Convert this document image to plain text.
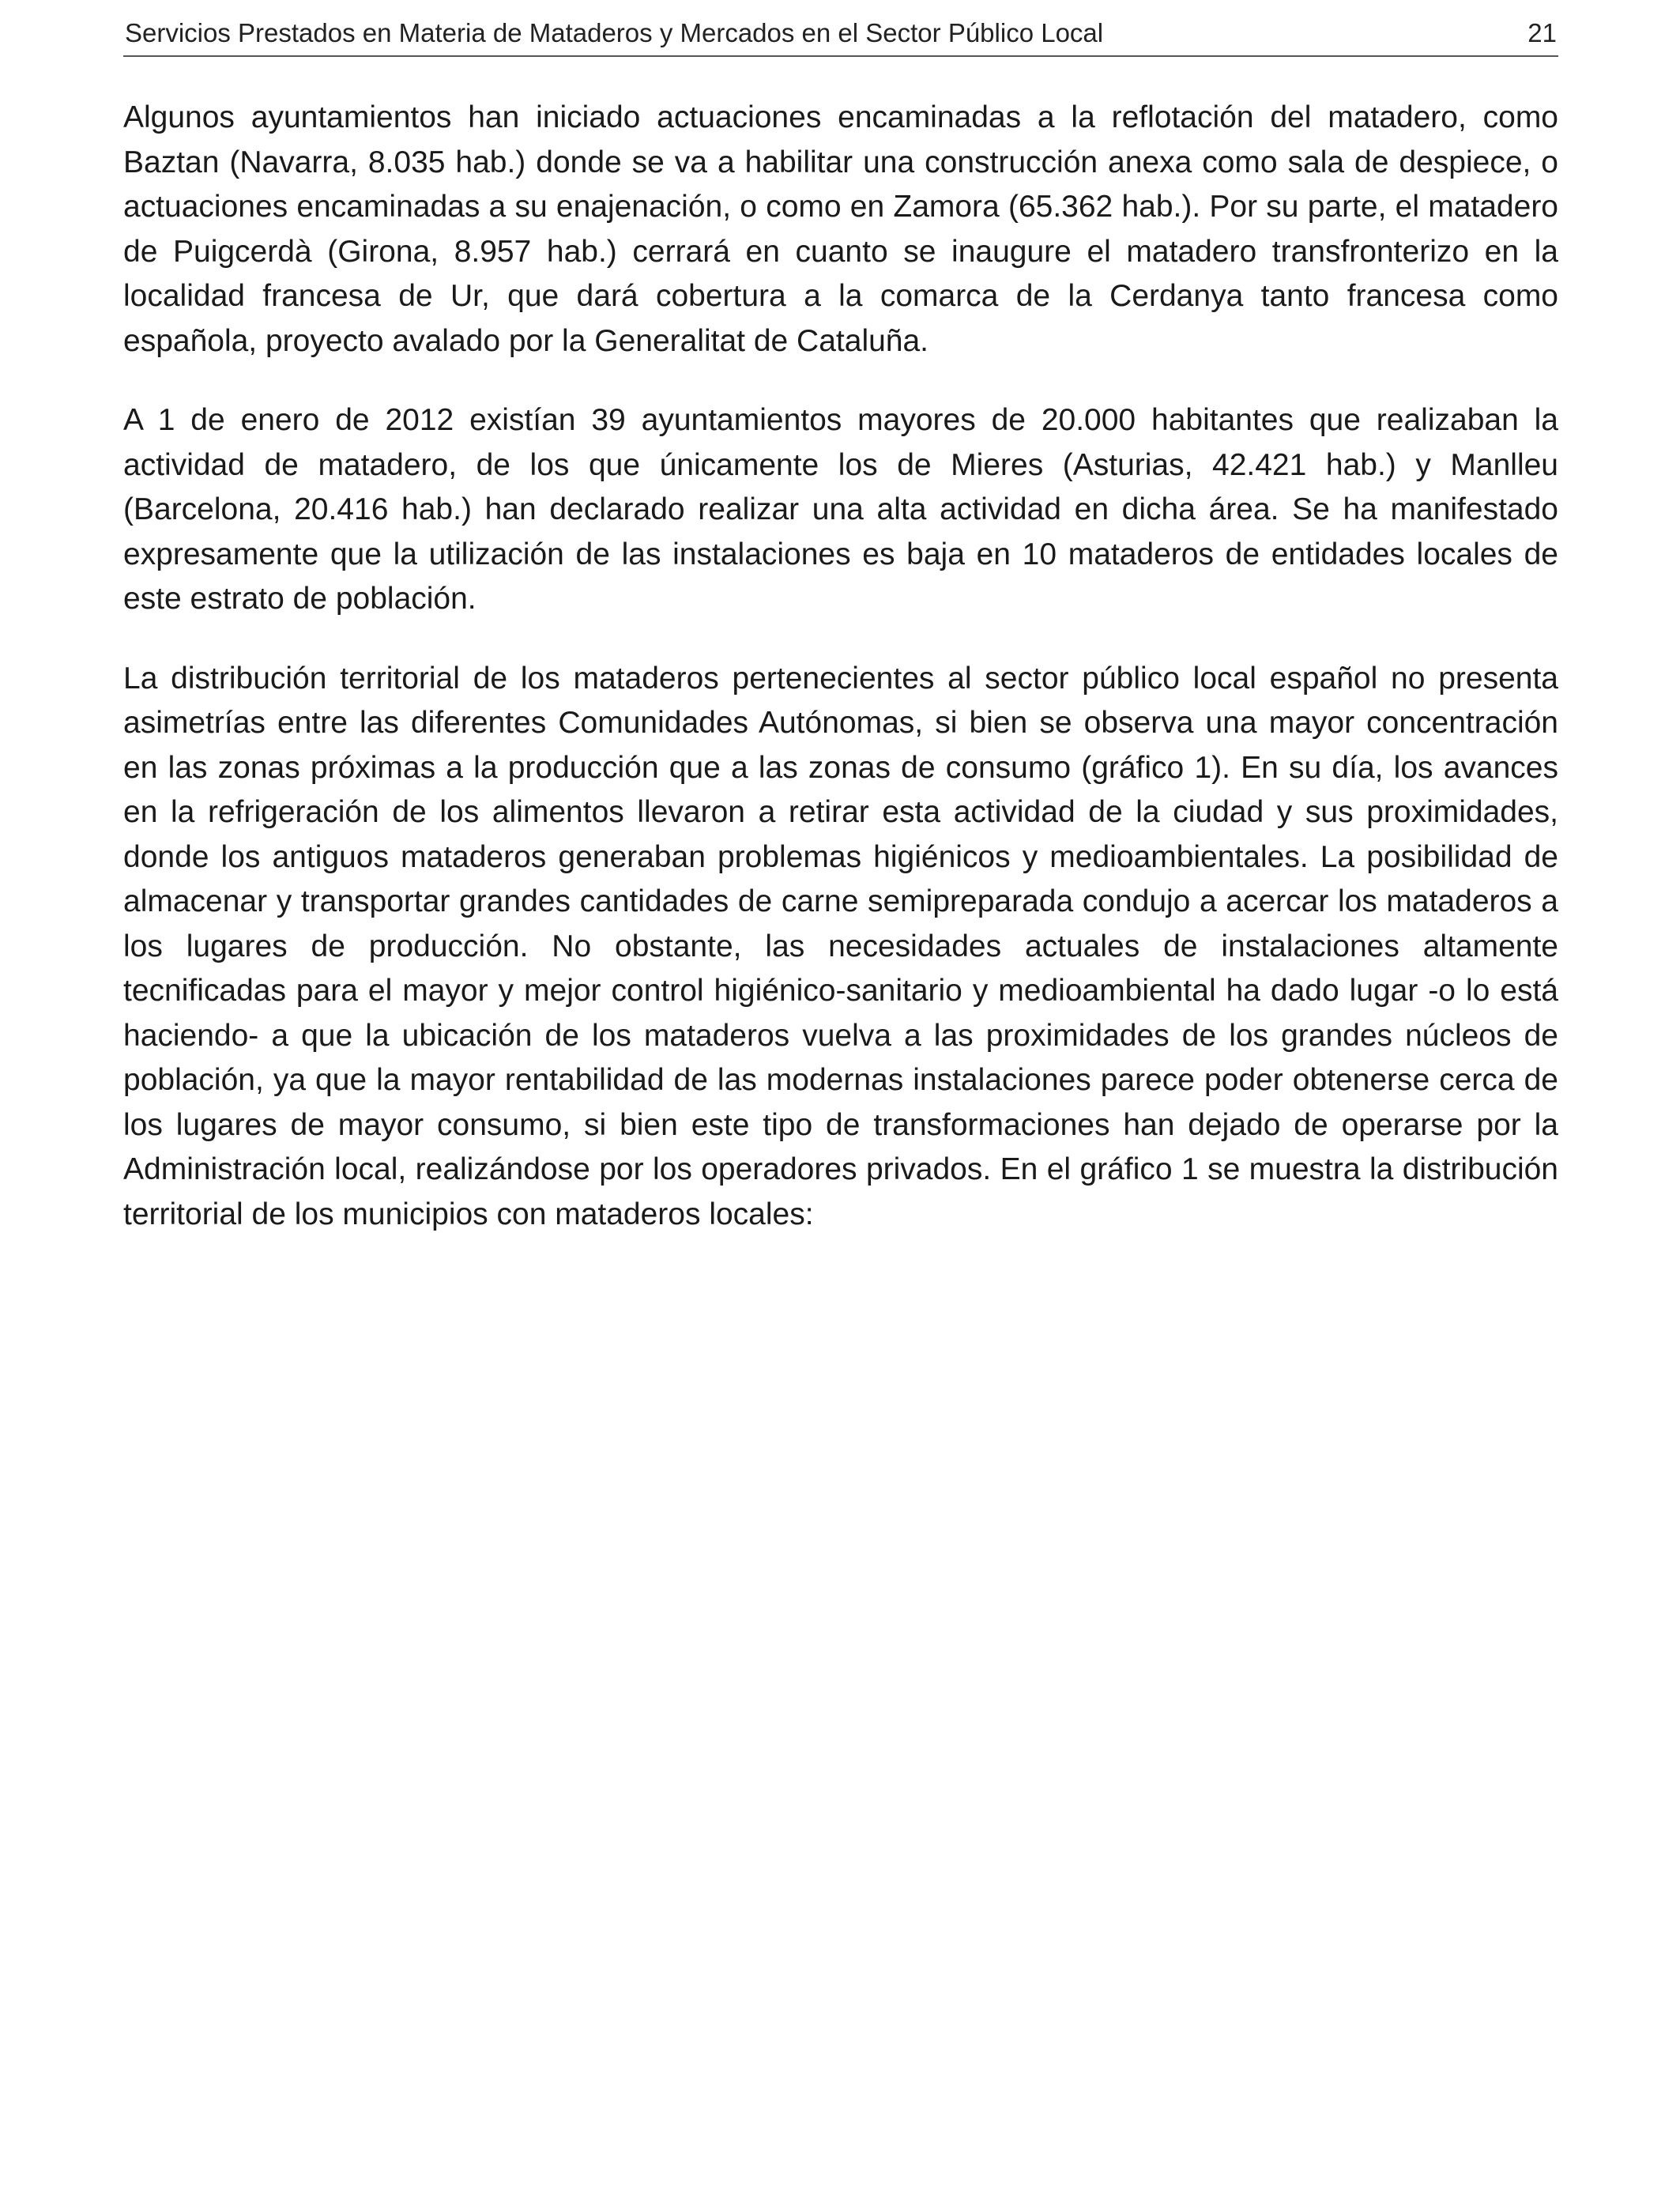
Servicios Prestados en Materia de Mataderos y Mercados en el Sector Público Local	21

Algunos ayuntamientos han iniciado actuaciones encaminadas a la reflotación del matadero, como Baztan (Navarra, 8.035 hab.) donde se va a habilitar una construcción anexa como sala de despiece, o actuaciones encaminadas a su enajenación, o como en Zamora (65.362 hab.). Por su parte, el matadero de Puigcerdà (Girona, 8.957 hab.) cerrará en cuanto se inaugure el matadero transfronterizo en la localidad francesa de Ur, que dará cobertura a la comarca de la Cerdanya tanto francesa como española, proyecto avalado por la Generalitat de Cataluña.

A 1 de enero de 2012 existían 39 ayuntamientos mayores de 20.000 habitantes que realizaban la actividad de matadero, de los que únicamente los de Mieres (Asturias, 42.421 hab.) y Manlleu (Barcelona, 20.416 hab.) han declarado realizar una alta actividad en dicha área. Se ha manifestado expresamente que la utilización de las instalaciones es baja en 10 mataderos de entidades locales de este estrato de población.

La distribución territorial de los mataderos pertenecientes al sector público local español no presenta asimetrías entre las diferentes Comunidades Autónomas, si bien se observa una mayor concentración en las zonas próximas a la producción que a las zonas de consumo (gráfico 1). En su día, los avances en la refrigeración de los alimentos llevaron a retirar esta actividad de la ciudad y sus proximidades, donde los antiguos mataderos generaban problemas higiénicos y medioambientales. La posibilidad de almacenar y transportar grandes cantidades de carne semipreparada condujo a acercar los mataderos a los lugares de producción. No obstante, las necesidades actuales de instalaciones altamente tecnificadas para el mayor y mejor control higiénico-sanitario y medioambiental ha dado lugar -o lo está haciendo- a que la ubicación de los mataderos vuelva a las proximidades de los grandes núcleos de población, ya que la mayor rentabilidad de las modernas instalaciones parece poder obtenerse cerca de los lugares de mayor consumo, si bien este tipo de transformaciones han dejado de operarse por la Administración local, realizándose por los operadores privados. En el gráfico 1 se muestra la distribución territorial de los municipios con mataderos locales:
